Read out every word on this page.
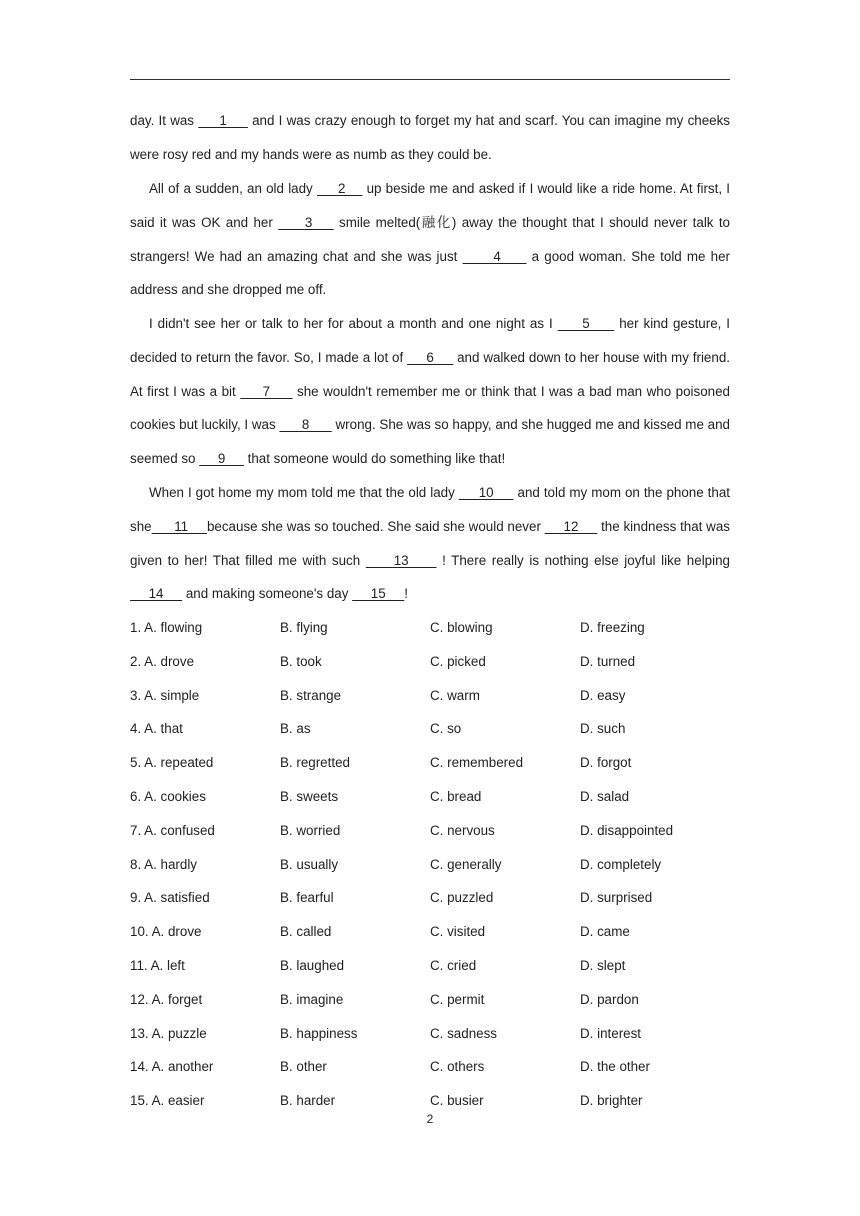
day. It was      1      and I was crazy enough to forget my hat and scarf. You can imagine my cheeks were rosy red and my hands were as numb as they could be.

All of a sudden, an old lady      2     up beside me and asked if I would like a ride home. At first, I said it was OK and her      3     smile melted(融化) away the thought that I should never talk to strangers! We had an amazing chat and she was just       4      a good woman. She told me her address and she dropped me off.

I didn't see her or talk to her for about a month and one night as I      5      her kind gesture, I decided to return the favor. So, I made a lot of      6      and walked down to her house with my friend. At first I was a bit      7      she wouldn't remember me or think that I was a bad man who poisoned cookies but luckily, I was       8       wrong. She was so happy, and she hugged me and kissed me and seemed so      9      that someone would do something like that!

When I got home my mom told me that the old lady      10      and told my mom on the phone that she      11     because she was so touched. She said she would never      12      the kindness that was given to her! That filled me with such      13      ! There really is nothing else joyful like helping      14      and making someone's day      15     !

1. A. flowing	B. flying	C. blowing	D. freezing
2. A. drove	B. took	C. picked	D. turned
3. A. simple	B. strange	C. warm	D. easy
4. A. that	B. as	C. so	D. such
5. A. repeated	B. regretted	C. remembered	D. forgot
6. A. cookies	B. sweets	C. bread	D. salad
7. A. confused	B. worried	C. nervous	D. disappointed
8. A. hardly	B. usually	C. generally	D. completely
9. A. satisfied	B. fearful	C. puzzled	D. surprised
10. A. drove	B. called	C. visited	D. came
11. A. left	B. laughed	C. cried	D. slept
12. A. forget	B. imagine	C. permit	D. pardon
13. A. puzzle	B. happiness	C. sadness	D. interest
14. A. another	B. other	C. others	D. the other
15. A. easier	B. harder	C. busier	D. brighter
2
